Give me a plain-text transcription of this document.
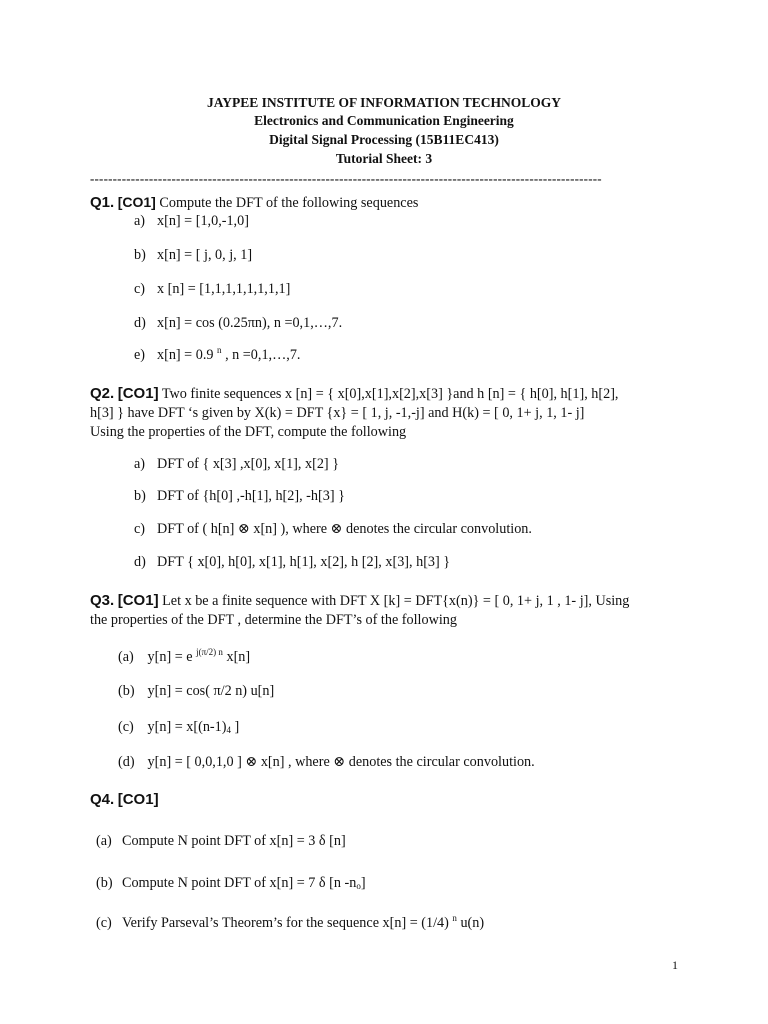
JAYPEE INSTITUTE OF INFORMATION TECHNOLOGY
Electronics and Communication Engineering
Digital Signal Processing (15B11EC413)
Tutorial Sheet: 3
-----------------------------------------------------------------------------------------------------------------
Q1. [CO1] Compute the DFT of the following sequences
a) x[n] = [1,0,-1,0]
b) x[n] = [ j, 0, j, 1]
c) x [n] = [1,1,1,1,1,1,1,1]
d) x[n] = cos (0.25πn), n =0,1,…,7.
e) x[n] = 0.9 $^n$ , n =0,1,…,7.
Q2. [CO1] Two finite sequences x [n] = { x[0],x[1],x[2],x[3] }and h [n] = { h[0], h[1], h[2],
h[3] } have DFT ‘s given by X(k) = DFT {x} = [ 1, j, -1,-j] and H(k) = [ 0, 1+ j, 1, 1- j]
Using the properties of the DFT, compute the following
a) DFT of { x[3] ,x[0], x[1], x[2] }
b) DFT of {h[0] ,-h[1], h[2], -h[3] }
c) DFT of ( h[n] ⊗ x[n] ), where ⊗ denotes the circular convolution.
d) DFT { x[0], h[0], x[1], h[1], x[2], h [2], x[3], h[3] }
Q3. [CO1] Let x be a finite sequence with DFT X [k] = DFT{x(n)} = [ 0, 1+ j, 1 , 1- j], Using
the properties of the DFT , determine the DFT’s of the following
(a) y[n] = e $^{j(\pi/2) n}$ x[n]
(b) y[n] = cos( π/2 n) u[n]
(c) $y[n] = x[(n-1)_4$ ]
(d) y[n] = [ 0,0,1,0 ] ⊗ x[n] , where ⊗ denotes the circular convolution.
Q4. [CO1]
(a) Compute N point DFT of x[n] = 3 δ [n]
(b) Compute N point DFT of x[n] = 7 δ [n $-n_o$]
(c) Verify Parseval’s Theorem’s for the sequence x[n] = (1/4) $^n$ u(n)
1
